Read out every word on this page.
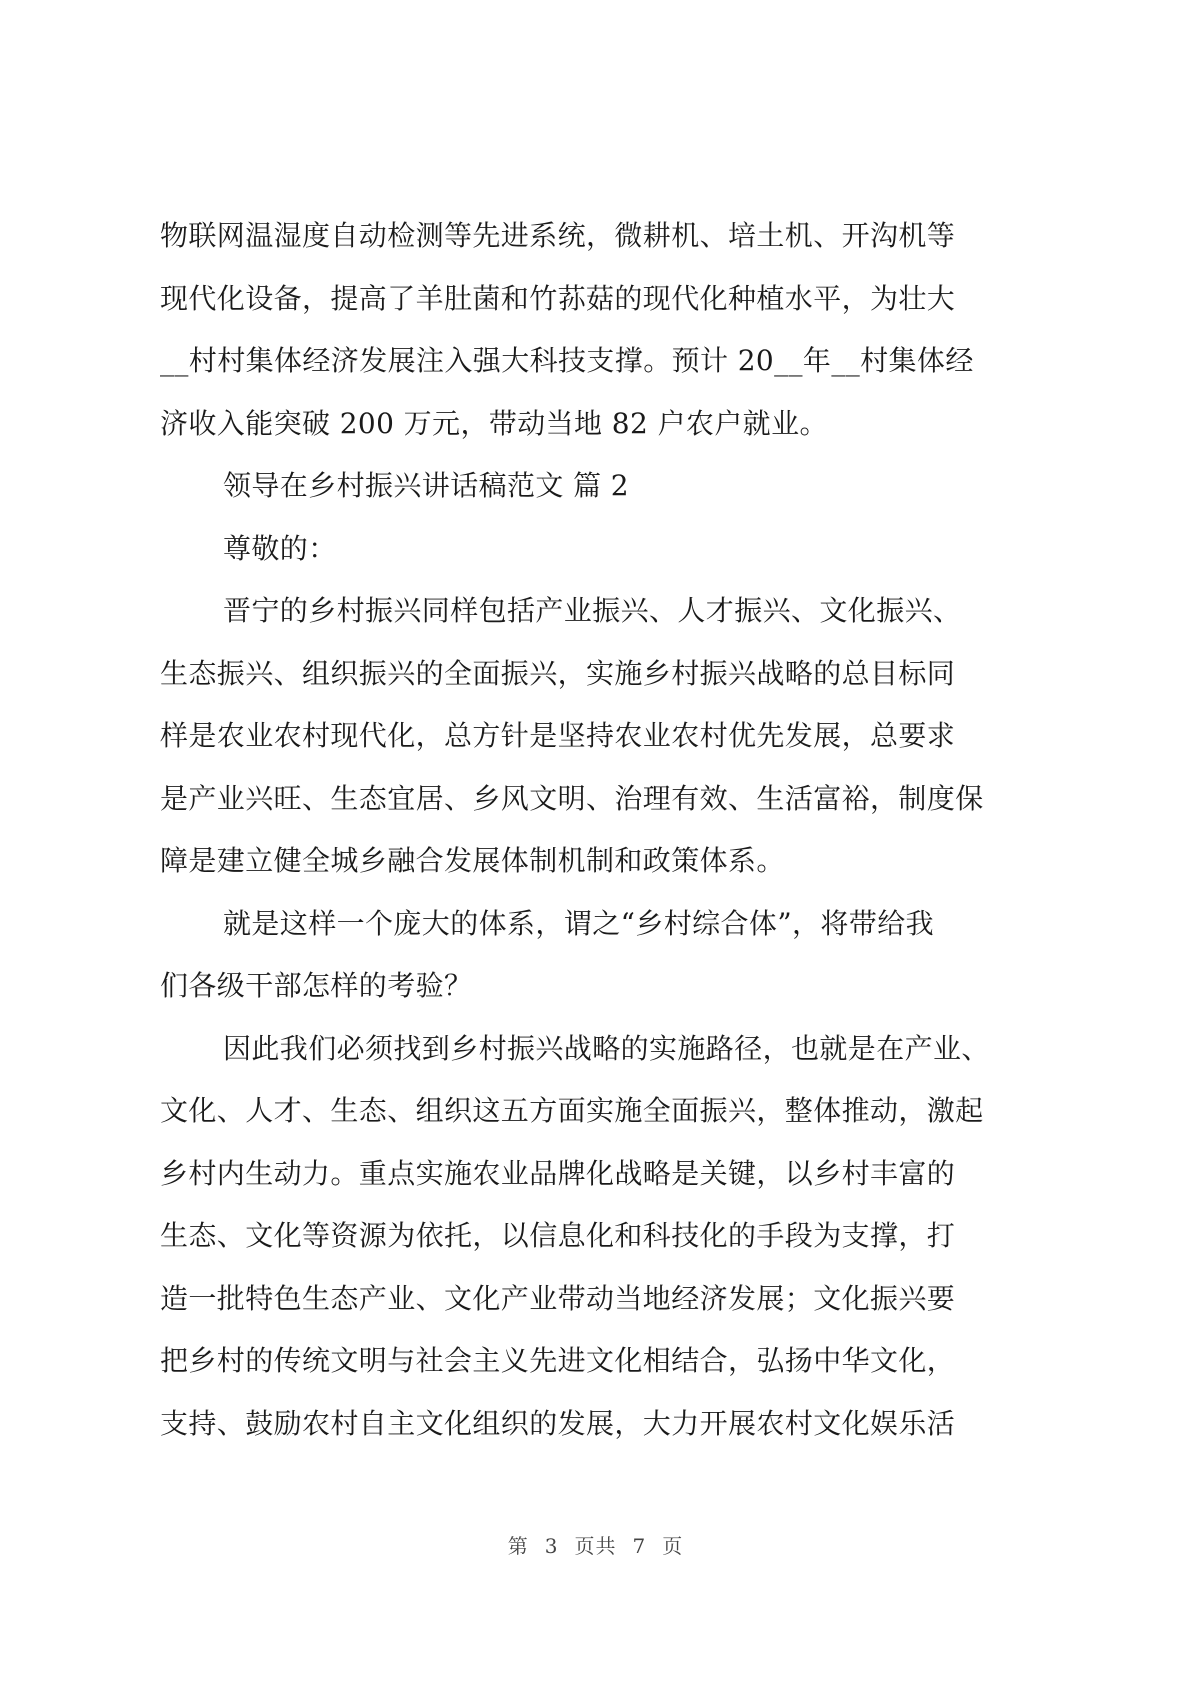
物联网温湿度自动检测等先进系统，微耕机、培土机、开沟机等
现代化设备，提高了羊肚菌和竹荪菇的现代化种植水平，为壮大
__村村集体经济发展注入强大科技支撑。预计 20__年__村集体经
济收入能突破 200 万元，带动当地 82 户农户就业。
领导在乡村振兴讲话稿范文 篇 2
尊敬的：
晋宁的乡村振兴同样包括产业振兴、人才振兴、文化振兴、
生态振兴、组织振兴的全面振兴，实施乡村振兴战略的总目标同
样是农业农村现代化，总方针是坚持农业农村优先发展，总要求
是产业兴旺、生态宜居、乡风文明、治理有效、生活富裕，制度保
障是建立健全城乡融合发展体制机制和政策体系。
就是这样一个庞大的体系，谓之“乡村综合体”，将带给我
们各级干部怎样的考验？
因此我们必须找到乡村振兴战略的实施路径，也就是在产业、
文化、人才、生态、组织这五方面实施全面振兴，整体推动，激起
乡村内生动力。重点实施农业品牌化战略是关键，以乡村丰富的
生态、文化等资源为依托，以信息化和科技化的手段为支撑，打
造一批特色生态产业、文化产业带动当地经济发展；文化振兴要
把乡村的传统文明与社会主义先进文化相结合，弘扬中华文化，
支持、鼓励农村自主文化组织的发展，大力开展农村文化娱乐活
第 3 页共 7 页
